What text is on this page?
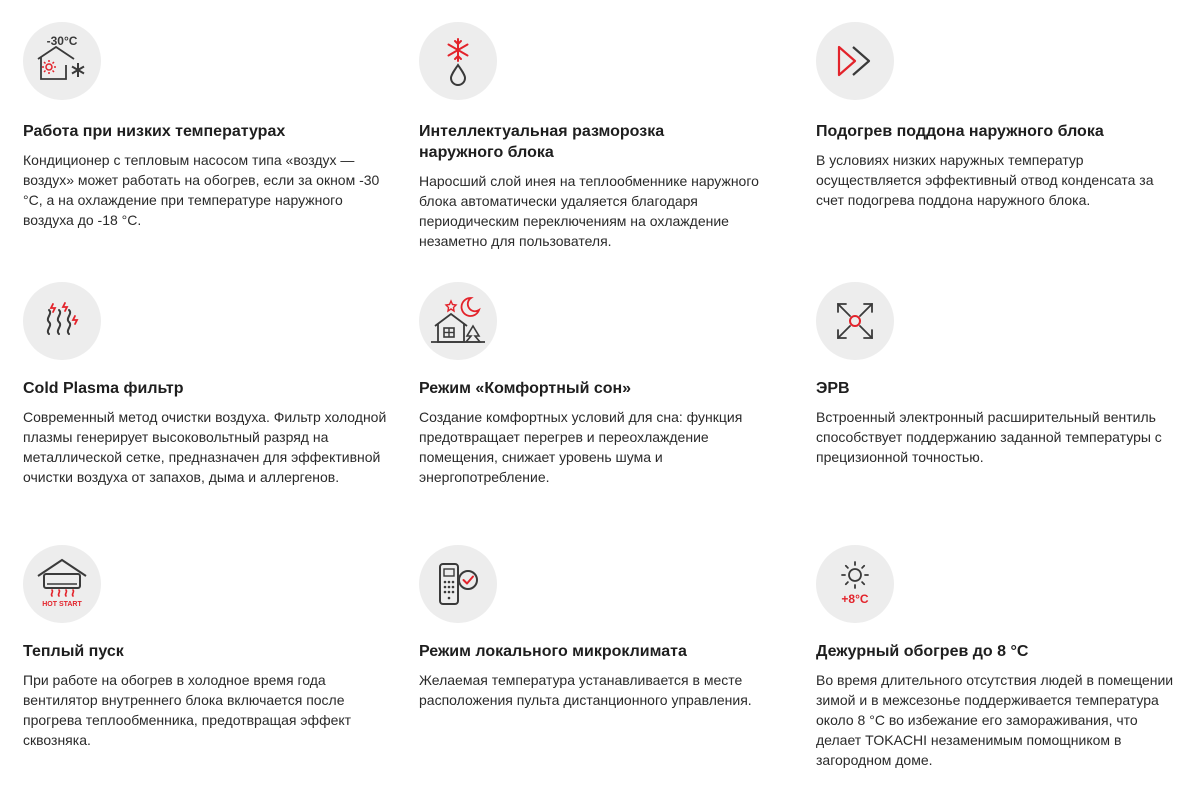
-30°C

Работа при низких температурах

Кондиционер с тепловым насосом типа «воздух — воздух» может работать на обогрев, если за окном -30 °C, а на охлаждение при температуре наружного воздуха до -18 °C.

Интеллектуальная разморозка наружного блока

Наросший слой инея на теплообменнике наружного блока автоматически удаляется благодаря периодическим переключениям на охлаждение незаметно для пользователя.

Подогрев поддона наружного блока

В условиях низких наружных температур осуществляется эффективный отвод конденсата за счет подогрева поддона наружного блока.

Cold Plasma фильтр

Современный метод очистки воздуха. Фильтр холодной плазмы генерирует высоковольтный разряд на металлической сетке, предназначен для эффективной очистки воздуха от запахов, дыма и аллергенов.

Режим «Комфортный сон»

Создание комфортных условий для сна: функция предотвращает перегрев и переохлаждение помещения, снижает уровень шума и энергопотребление.

ЭРВ

Встроенный электронный расширительный вентиль способствует поддержанию заданной температуры с прецизионной точностью.

HOT START

Теплый пуск

При работе на обогрев в холодное время года вентилятор внутреннего блока включается после прогрева теплообменника, предотвращая эффект сквозняка.

Режим локального микроклимата

Желаемая температура устанавливается в месте расположения пульта дистанционного управления.

+8°C

Дежурный обогрев до 8 °C

Во время длительного отсутствия людей в помещении зимой и в межсезонье поддерживается температура около 8 °C во избежание его замораживания, что делает TOKACHI незаменимым помощником в загородном доме.
